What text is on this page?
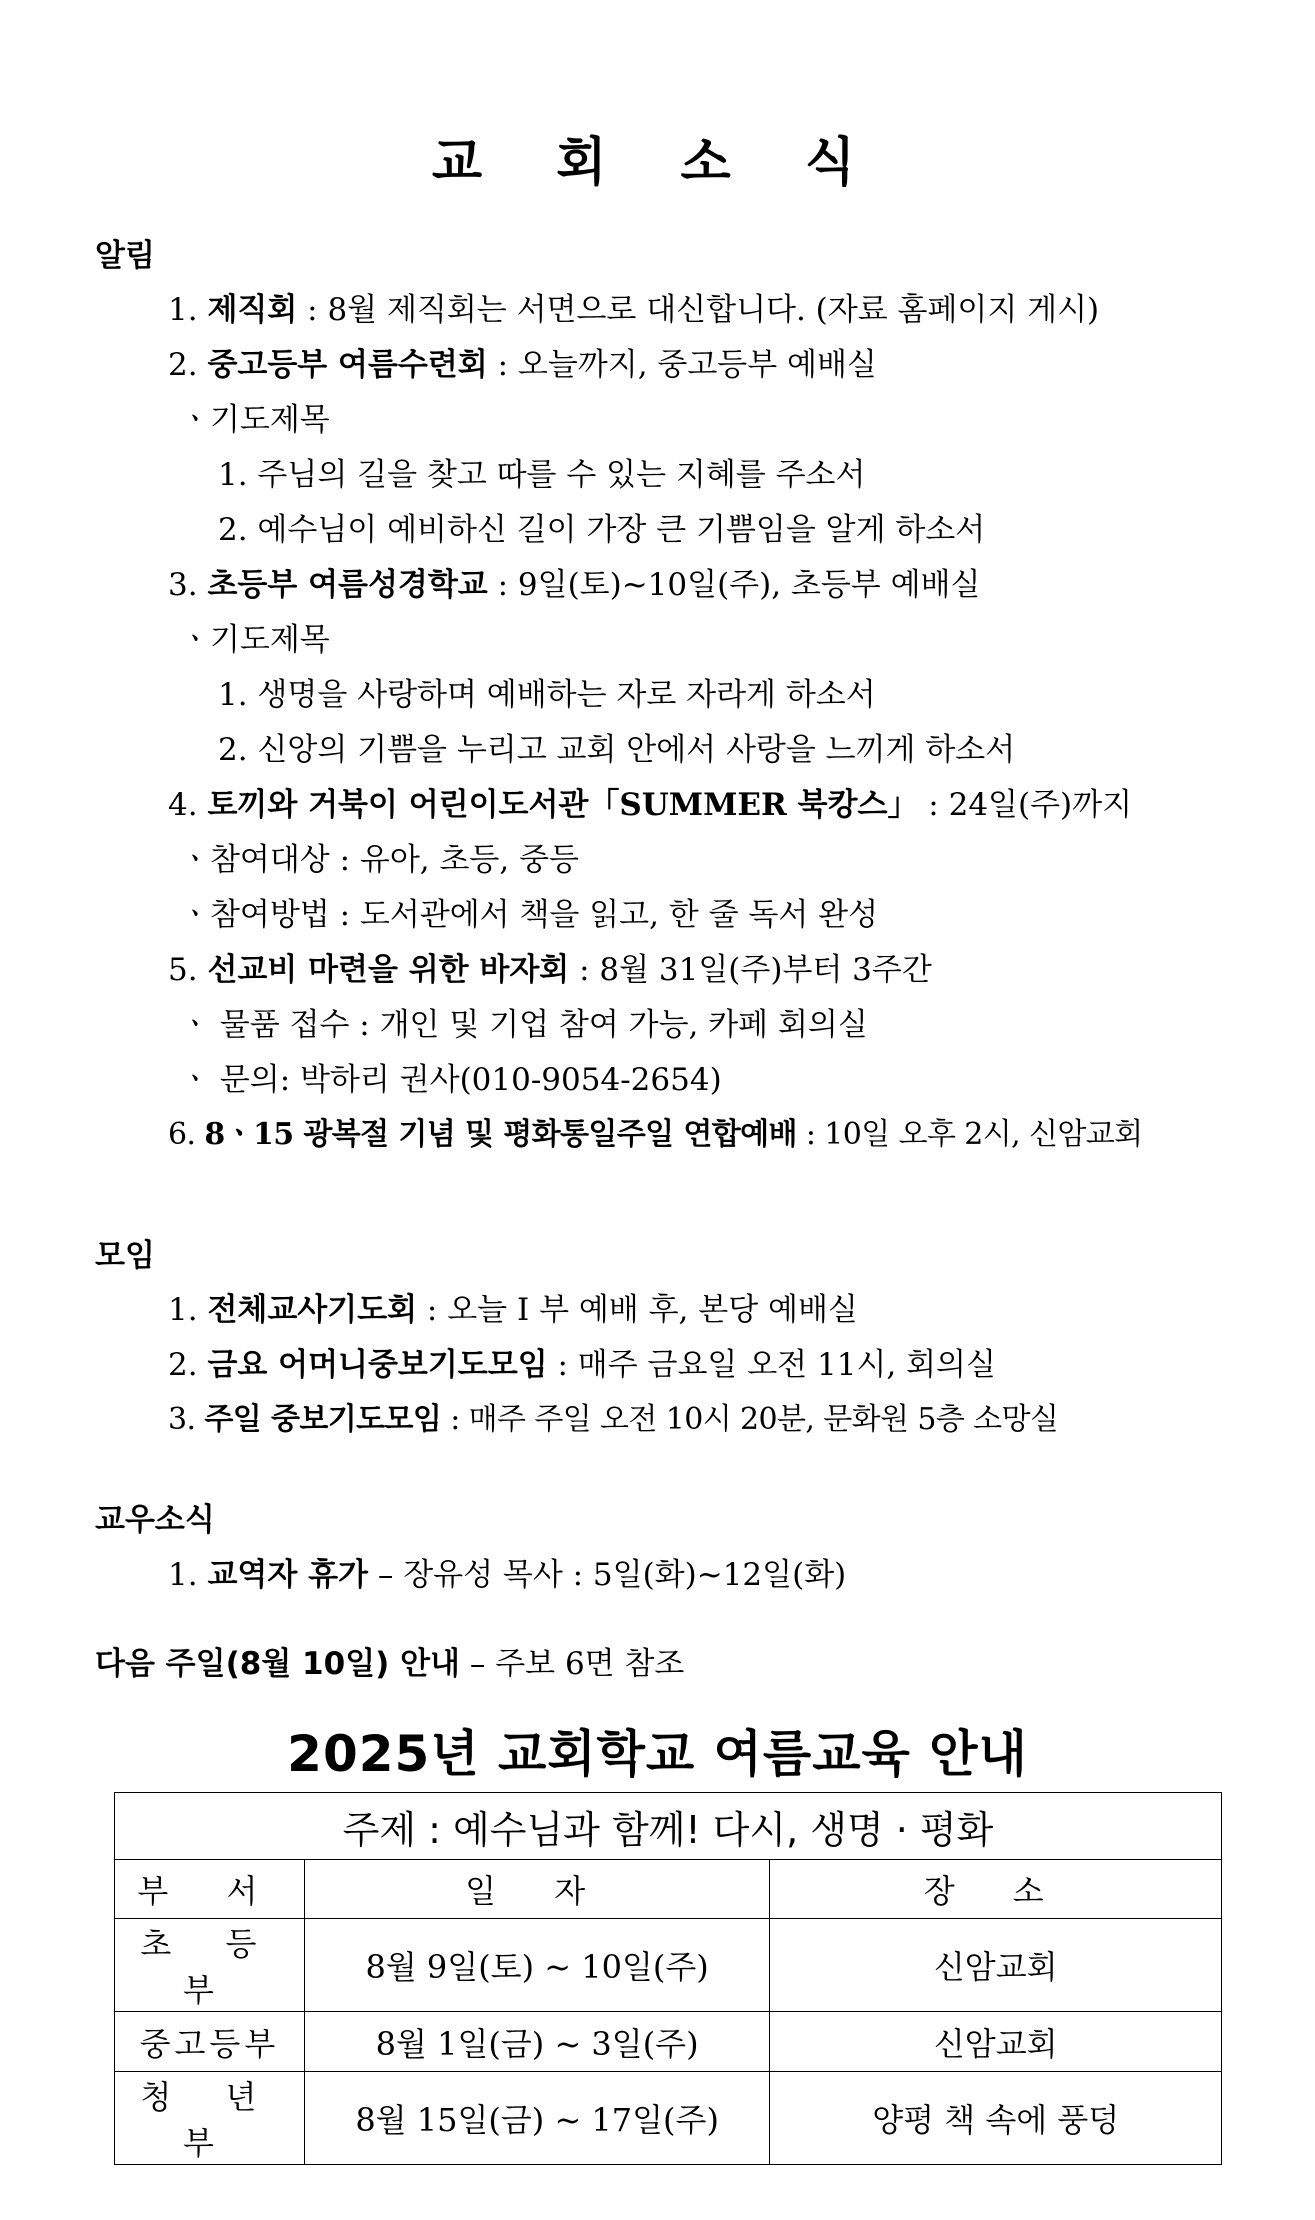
교 회 소 식
알림
1. 제직회 : 8월 제직회는 서면으로 대신합니다. (자료 홈페이지 게시)
2. 중고등부 여름수련회 : 오늘까지, 중고등부 예배실
ㆍ기도제목
1. 주님의 길을 찾고 따를 수 있는 지혜를 주소서
2. 예수님이 예비하신 길이 가장 큰 기쁨임을 알게 하소서
3. 초등부 여름성경학교 : 9일(토)~10일(주), 초등부 예배실
ㆍ기도제목
1. 생명을 사랑하며 예배하는 자로 자라게 하소서
2. 신앙의 기쁨을 누리고 교회 안에서 사랑을 느끼게 하소서
4. 토끼와 거북이 어린이도서관「SUMMER 북캉스」 : 24일(주)까지
ㆍ참여대상 : 유아, 초등, 중등
ㆍ참여방법 : 도서관에서 책을 읽고, 한 줄 독서 완성
5. 선교비 마련을 위한 바자회 : 8월 31일(주)부터 3주간
ㆍ 물품 접수 : 개인 및 기업 참여 가능, 카페 회의실
ㆍ 문의: 박하리 권사(010-9054-2654)
6. 8ㆍ15 광복절 기념 및 평화통일주일 연합예배 : 10일 오후 2시, 신암교회
모임
1. 전체교사기도회 : 오늘 I 부 예배 후, 본당 예배실
2. 금요 어머니중보기도모임 : 매주 금요일 오전 11시, 회의실
3. 주일 중보기도모임 : 매주 주일 오전 10시 20분, 문화원 5층 소망실
교우소식
1. 교역자 휴가 – 장유성 목사 : 5일(화)~12일(화)
다음 주일(8월 10일) 안내 – 주보 6면 참조
2025년 교회학교 여름교육 안내
주제 : 예수님과 함께! 다시, 생명 · 평화		
부 서	일 자	장 소
초 등 부	8월 9일(토) ~ 10일(주)	신암교회
중고등부	8월 1일(금) ~ 3일(주)	신암교회
청 년 부	8월 15일(금) ~ 17일(주)	양평 책 속에 풍덩
